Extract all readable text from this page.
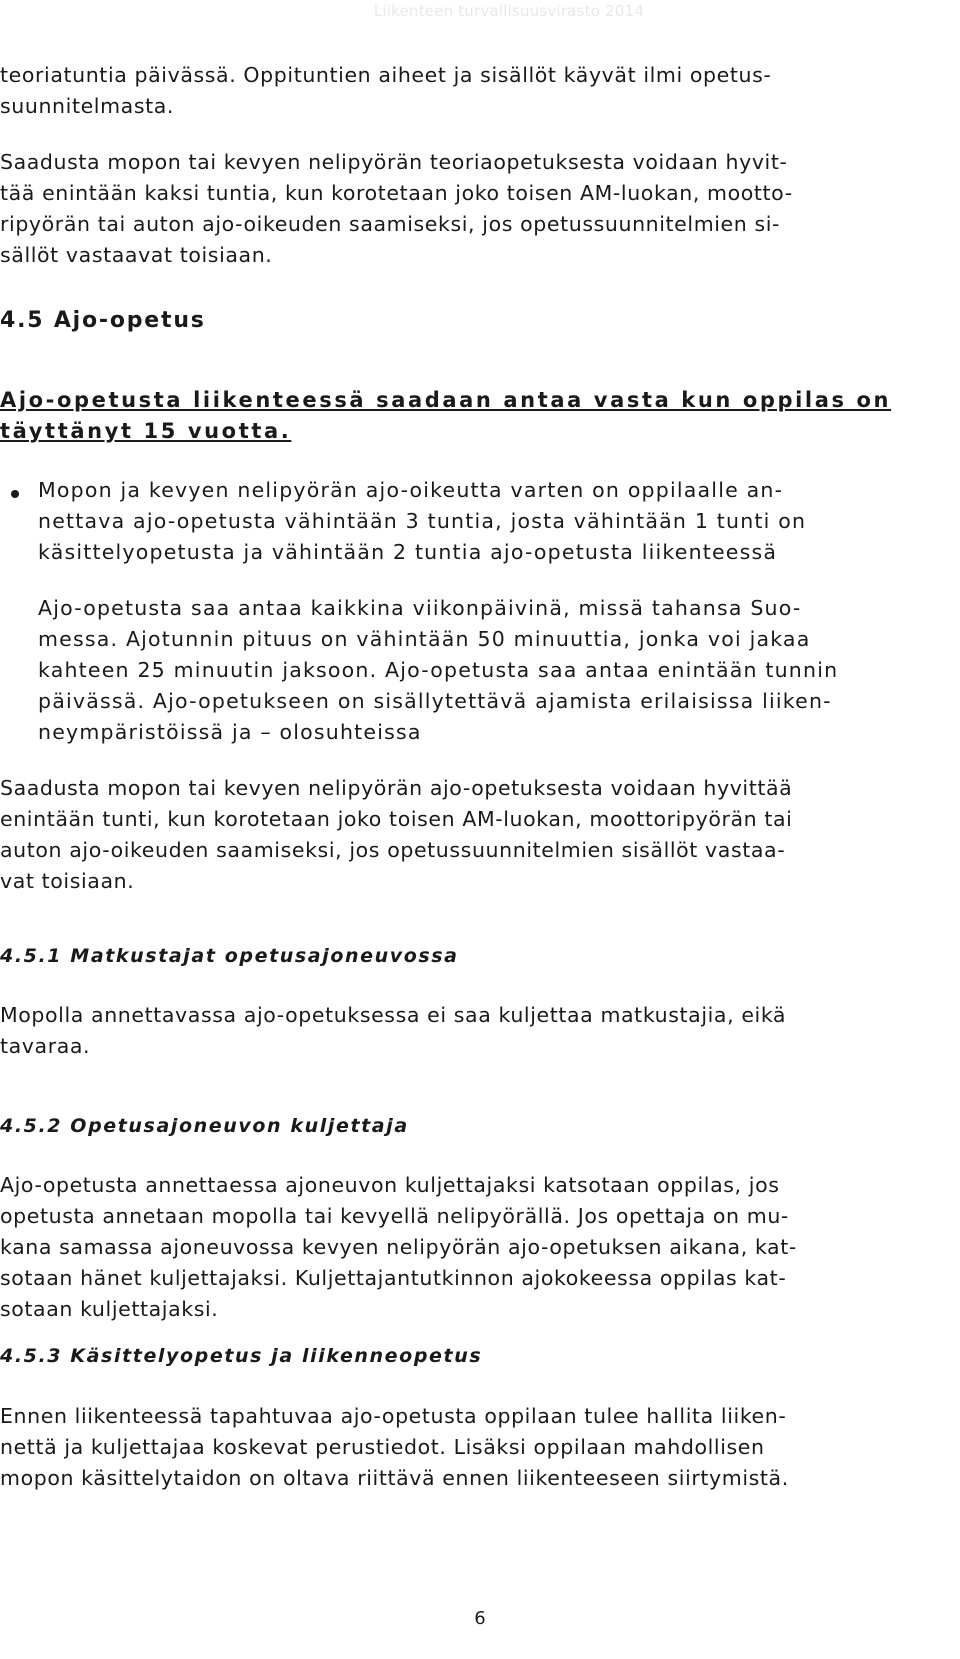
Liikenteen turvallisuusvirasto 2014

teoriatuntia päivässä. Oppituntien aiheet ja sisällöt käyvät ilmi opetus-
suunnitelmasta.

Saadusta mopon tai kevyen nelipyörän teoriaopetuksesta voidaan hyvit-
tää enintään kaksi tuntia, kun korotetaan joko toisen AM-luokan, mootto-
ripyörän tai auton ajo-oikeuden saamiseksi, jos opetussuunnitelmien si-
sällöt vastaavat toisiaan.

4.5 Ajo-opetus
Ajo-opetusta liikenteessä saadaan antaa vasta kun oppilas on
täyttänyt 15 vuotta.

Mopon ja kevyen nelipyörän ajo-oikeutta varten on oppilaalle an-
nettava ajo-opetusta vähintään 3 tuntia, josta vähintään 1 tunti on
käsittelyopetusta ja vähintään 2 tuntia ajo-opetusta liikenteessä

Ajo-opetusta saa antaa kaikkina viikonpäivinä, missä tahansa Suo-
messa. Ajotunnin pituus on vähintään 50 minuuttia, jonka voi jakaa
kahteen 25 minuutin jaksoon. Ajo-opetusta saa antaa enintään tunnin
päivässä. Ajo-opetukseen on sisällytettävä ajamista erilaisissa liiken-
neympäristöissä ja – olosuhteissa

Saadusta mopon tai kevyen nelipyörän ajo-opetuksesta voidaan hyvittää
enintään tunti, kun korotetaan joko toisen AM-luokan, moottoripyörän tai
auton ajo-oikeuden saamiseksi, jos opetussuunnitelmien sisällöt vastaa-
vat toisiaan.

4.5.1 Matkustajat opetusajoneuvossa

Mopolla annettavassa ajo-opetuksessa ei saa kuljettaa matkustajia, eikä
tavaraa.

4.5.2 Opetusajoneuvon kuljettaja

Ajo-opetusta annettaessa ajoneuvon kuljettajaksi katsotaan oppilas, jos
opetusta annetaan mopolla tai kevyellä nelipyörällä. Jos opettaja on mu-
kana samassa ajoneuvossa kevyen nelipyörän ajo-opetuksen aikana, kat-
sotaan hänet kuljettajaksi. Kuljettajantutkinnon ajokokeessa oppilas kat-
sotaan kuljettajaksi.

4.5.3 Käsittelyopetus ja liikenneopetus

Ennen liikenteessä tapahtuvaa ajo-opetusta oppilaan tulee hallita liiken-
nettä ja kuljettajaa koskevat perustiedot. Lisäksi oppilaan mahdollisen
mopon käsittelytaidon on oltava riittävä ennen liikenteeseen siirtymistä.

6
